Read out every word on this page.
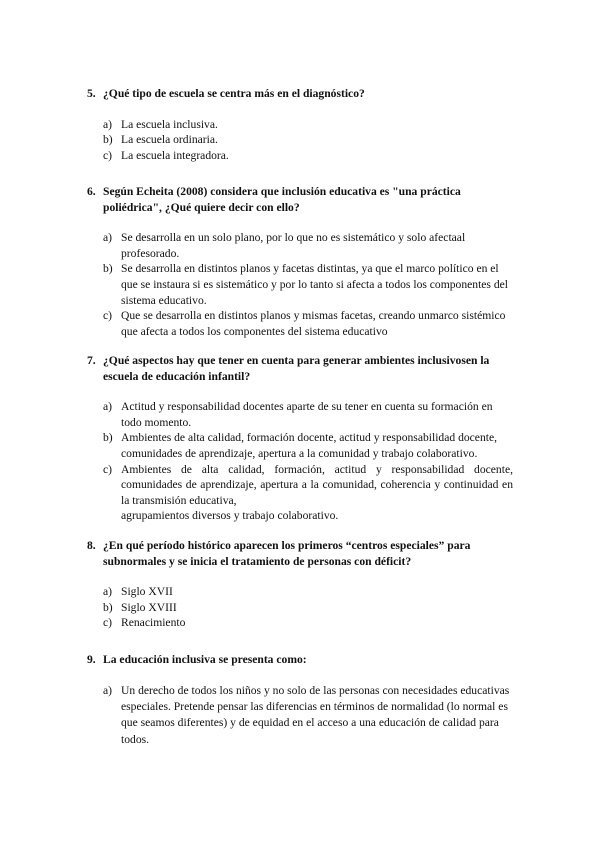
5. ¿Qué tipo de escuela se centra más en el diagnóstico?
a) La escuela inclusiva.
b) La escuela ordinaria.
c) La escuela integradora.
6. Según Echeita (2008) considera que inclusión educativa es "una práctica poliédrica", ¿Qué quiere decir con ello?
a) Se desarrolla en un solo plano, por lo que no es sistemático y solo afectaal profesorado.
b) Se desarrolla en distintos planos y facetas distintas, ya que el marco político en el que se instaura si es sistemático y por lo tanto si afecta a todos los componentes del sistema educativo.
c) Que se desarrolla en distintos planos y mismas facetas, creando unmarco sistémico que afecta a todos los componentes del sistema educativo
7. ¿Qué aspectos hay que tener en cuenta para generar ambientes inclusivosen la escuela de educación infantil?
a) Actitud y responsabilidad docentes aparte de su tener en cuenta su formación en todo momento.
b) Ambientes de alta calidad, formación docente, actitud y responsabilidad docente, comunidades de aprendizaje, apertura a la comunidad y trabajo colaborativo.
c) Ambientes de alta calidad, formación, actitud y responsabilidad docente, comunidades de aprendizaje, apertura a la comunidad, coherencia y continuidad en la transmisión educativa,
agrupamientos diversos y trabajo colaborativo.
8. ¿En qué período histórico aparecen los primeros “centros especiales” para subnormales y se inicia el tratamiento de personas con déficit?
a) Siglo XVII
b) Siglo XVIII
c) Renacimiento
9. La educación inclusiva se presenta como:
a) Un derecho de todos los niños y no solo de las personas con necesidades educativas especiales. Pretende pensar las diferencias en términos de normalidad (lo normal es que seamos diferentes) y de equidad en el acceso a una educación de calidad para todos.
